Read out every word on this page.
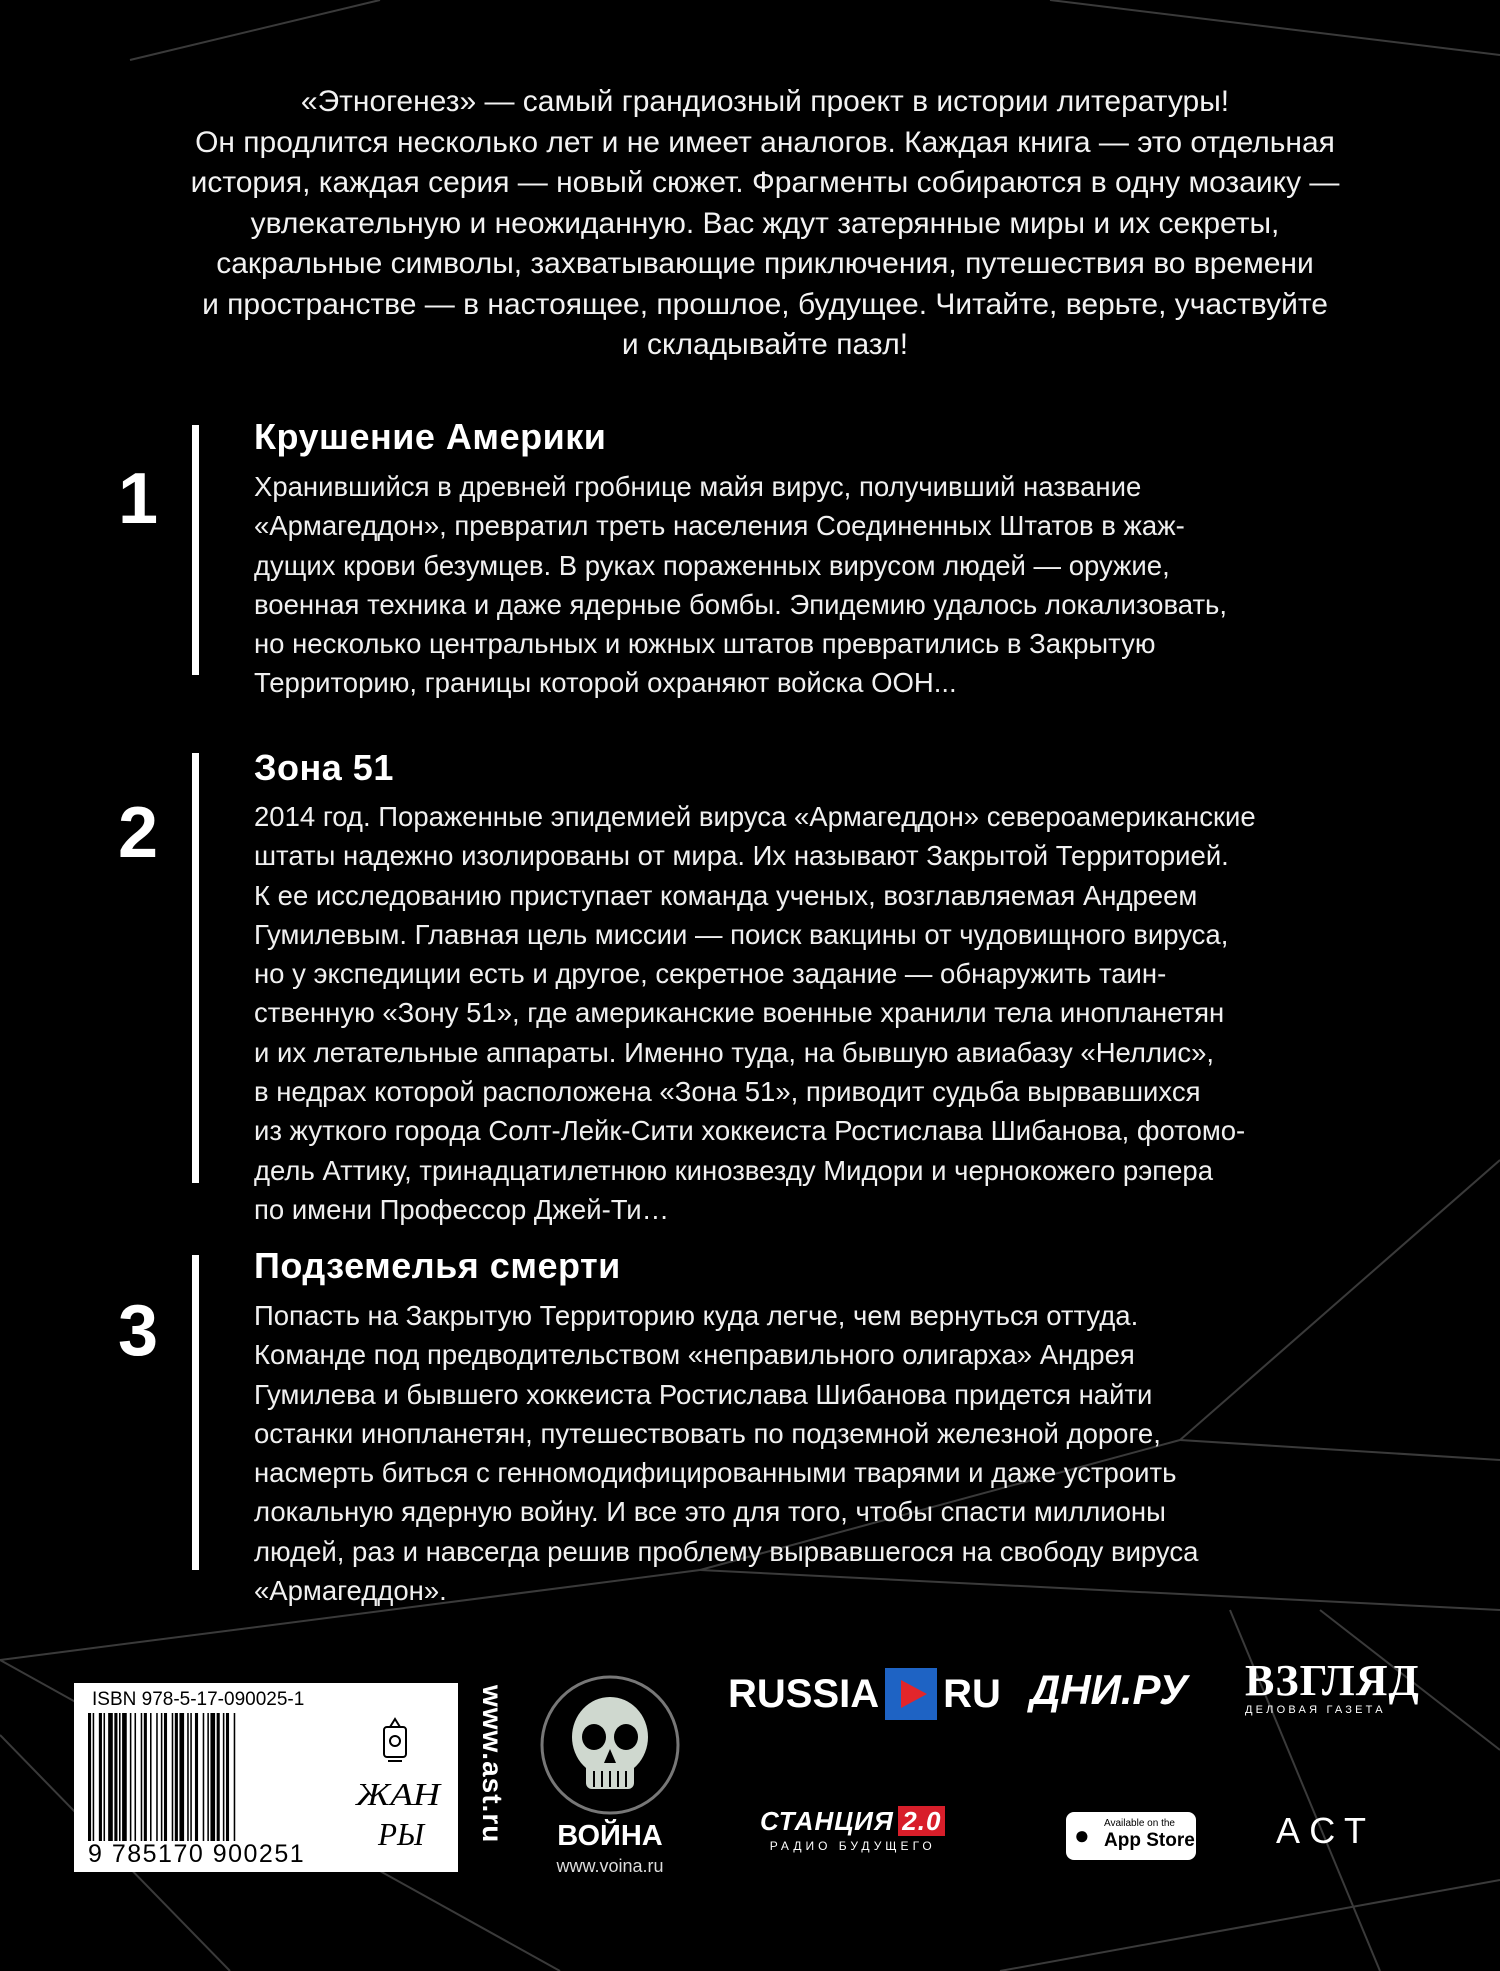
«Этногенез» — самый грандиозный проект в истории литературы!

Он продлится несколько лет и не имеет аналогов. Каждая книга — это отдельная

история, каждая серия — новый сюжет. Фрагменты собираются в одну мозаику —

увлекательную и неожиданную. Вас ждут затерянные миры и их секреты,

сакральные символы, захватывающие приключения, путешествия во времени

и пространстве — в настоящее, прошлое, будущее. Читайте, верьте, участвуйте

и складывайте пазл!

1
Крушение Америки
Хранившийся в древней гробнице майя вирус, получивший название
«Армагеддон», превратил треть населения Соединенных Штатов в жаж-
дущих крови безумцев. В руках пораженных вирусом людей — оружие,
военная техника и даже ядерные бомбы. Эпидемию удалось локализовать,
но несколько центральных и южных штатов превратились в Закрытую
Территорию, границы которой охраняют войска ООН...
2
Зона 51
2014 год. Пораженные эпидемией вируса «Армагеддон» североамериканские
штаты надежно изолированы от мира. Их называют Закрытой Территорией.
К ее исследованию приступает команда ученых, возглавляемая Андреем
Гумилевым. Главная цель миссии — поиск вакцины от чудовищного вируса,
но у экспедиции есть и другое, секретное задание — обнаружить таин-
ственную «Зону 51», где американские военные хранили тела инопланетян
и их летательные аппараты. Именно туда, на бывшую авиабазу «Неллис»,
в недрах которой расположена «Зона 51», приводит судьба вырвавшихся
из жуткого города Солт-Лейк-Сити хоккеиста Ростислава Шибанова, фотомо-
дель Аттику, тринадцатилетнюю кинозвезду Мидори и чернокожего рэпера
по имени Профессор Джей-Ти…
3
Подземелья смерти
Попасть на Закрытую Территорию куда легче, чем вернуться оттуда.
Команде под предводительством «неправильного олигарха» Андрея
Гумилева и бывшего хоккеиста Ростислава Шибанова придется найти
останки инопланетян, путешествовать по подземной железной дороге,
насмерть биться с генномодифицированными тварями и даже устроить
локальную ядерную войну. И все это для того, чтобы спасти миллионы
людей, раз и навсегда решив проблему вырвавшегося на свободу вируса
«Армагеддон».
ISBN 978-5-17-090025-1
9 785170 900251
ЖАН
РЫ www.ast.ru	ВОЙНА
www.voina.ru
RUSSIA RU ДНИ.РУ ВЗГЛЯД
ДЕЛОВАЯ ГАЗЕТА
СТАНЦИЯ 2.0
РАДИО БУДУЩЕГО	● Available on the
App Store АСТ
